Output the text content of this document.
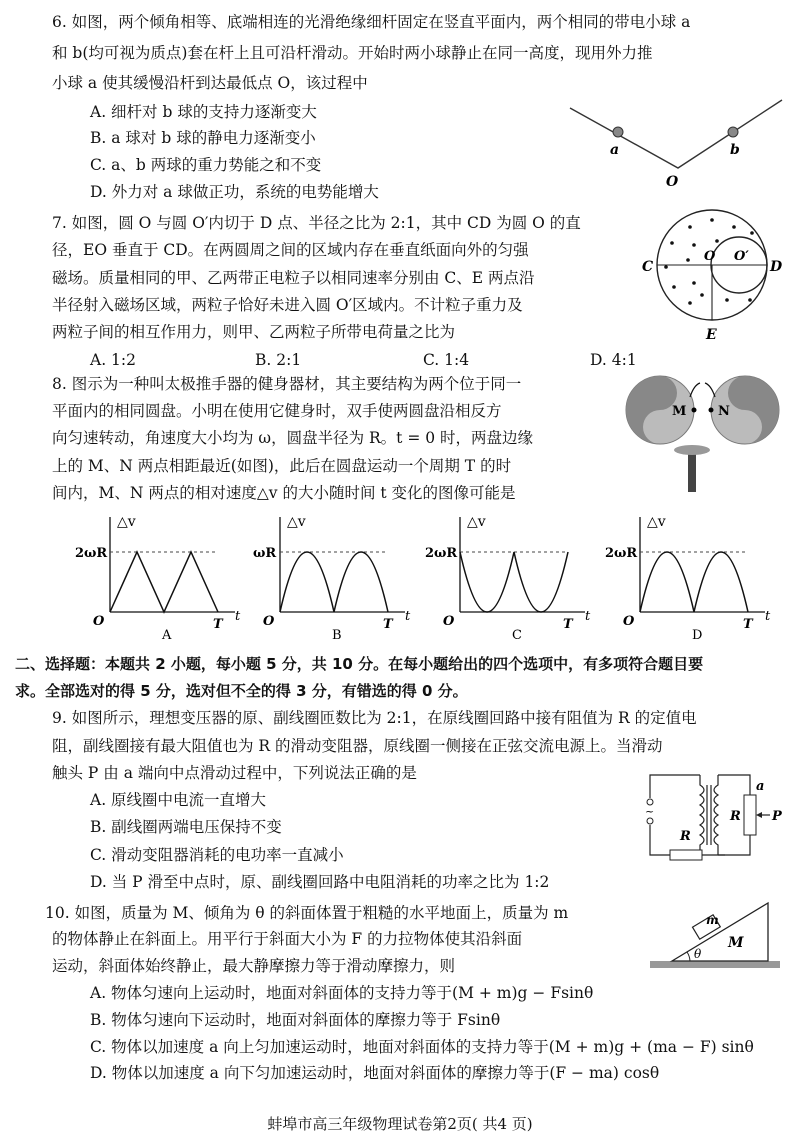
6. 如图，两个倾角相等、底端相连的光滑绝缘细杆固定在竖直平面内，两个相同的带电小球 a
和 b(均可视为质点)套在杆上且可沿杆滑动。开始时两小球静止在同一高度，现用外力推
小球 a 使其缓慢沿杆到达最低点 O，该过程中
A. 细杆对 b 球的支持力逐渐变大
B. a 球对 b 球的静电力逐渐变小
C. a、b 两球的重力势能之和不变
D. 外力对 a 球做正功，系统的电势能增大
a	b
O
7. 如图，圆 O 与圆 O′内切于 D 点、半径之比为 2:1，其中 CD 为圆 O 的直
径，EO 垂直于 CD。在两圆周之间的区域内存在垂直纸面向外的匀强
磁场。质量相同的甲、乙两带正电粒子以相同速率分别由 C、E 两点沿
半径射入磁场区域，两粒子恰好未进入圆 O′区域内。不计粒子重力及
两粒子间的相互作用力，则甲、乙两粒子所带电荷量之比为
A. 1:2	B. 2:1	C. 1:4	D. 4:1
C	D
O O′
E
8. 图示为一种叫太极推手器的健身器材，其主要结构为两个位于同一
平面内的相同圆盘。小明在使用它健身时，双手使两圆盘沿相反方
向匀速转动，角速度大小均为 ω，圆盘半径为 R。t = 0 时，两盘边缘
上的 M、N 两点相距最近(如图)，此后在圆盘运动一个周期 T 的时
间内，M、N 两点的相对速度△v 的大小随时间 t 变化的图像可能是
M N
△v
2ωR
O	T
t
A
△v
ωR
O	T
t
B
△v
2ωR
O	T
t
C
△v
2ωR
O	T
t
D
二、选择题：本题共 2 小题，每小题 5 分，共 10 分。在每小题给出的四个选项中，有多项符合题目要
求。全部选对的得 5 分，选对但不全的得 3 分，有错选的得 0 分。
9. 如图所示，理想变压器的原、副线圈匝数比为 2:1，在原线圈回路中接有阻值为 R 的定值电
阻，副线圈接有最大阻值也为 R 的滑动变阻器，原线圈一侧接在正弦交流电源上。当滑动
触头 P 由 a 端向中点滑动过程中，下列说法正确的是
A. 原线圈中电流一直增大
B. 副线圈两端电压保持不变
C. 滑动变阻器消耗的电功率一直减小
D. 当 P 滑至中点时，原、副线圈回路中电阻消耗的功率之比为 1:2
~
R
R
a
P
10. 如图，质量为 M、倾角为 θ 的斜面体置于粗糙的水平地面上，质量为 m
的物体静止在斜面上。用平行于斜面大小为 F 的力拉物体使其沿斜面
运动，斜面体始终静止，最大静摩擦力等于滑动摩擦力，则
A. 物体匀速向上运动时，地面对斜面体的支持力等于(M + m)g − Fsinθ
B. 物体匀速向下运动时，地面对斜面体的摩擦力等于 Fsinθ
C. 物体以加速度 a 向上匀加速运动时，地面对斜面体的支持力等于(M + m)g + (ma − F) sinθ
D. 物体以加速度 a 向下匀加速运动时，地面对斜面体的摩擦力等于(F − ma) cosθ
m
M
θ
蚌埠市高三年级物理试卷第2页( 共4 页)
